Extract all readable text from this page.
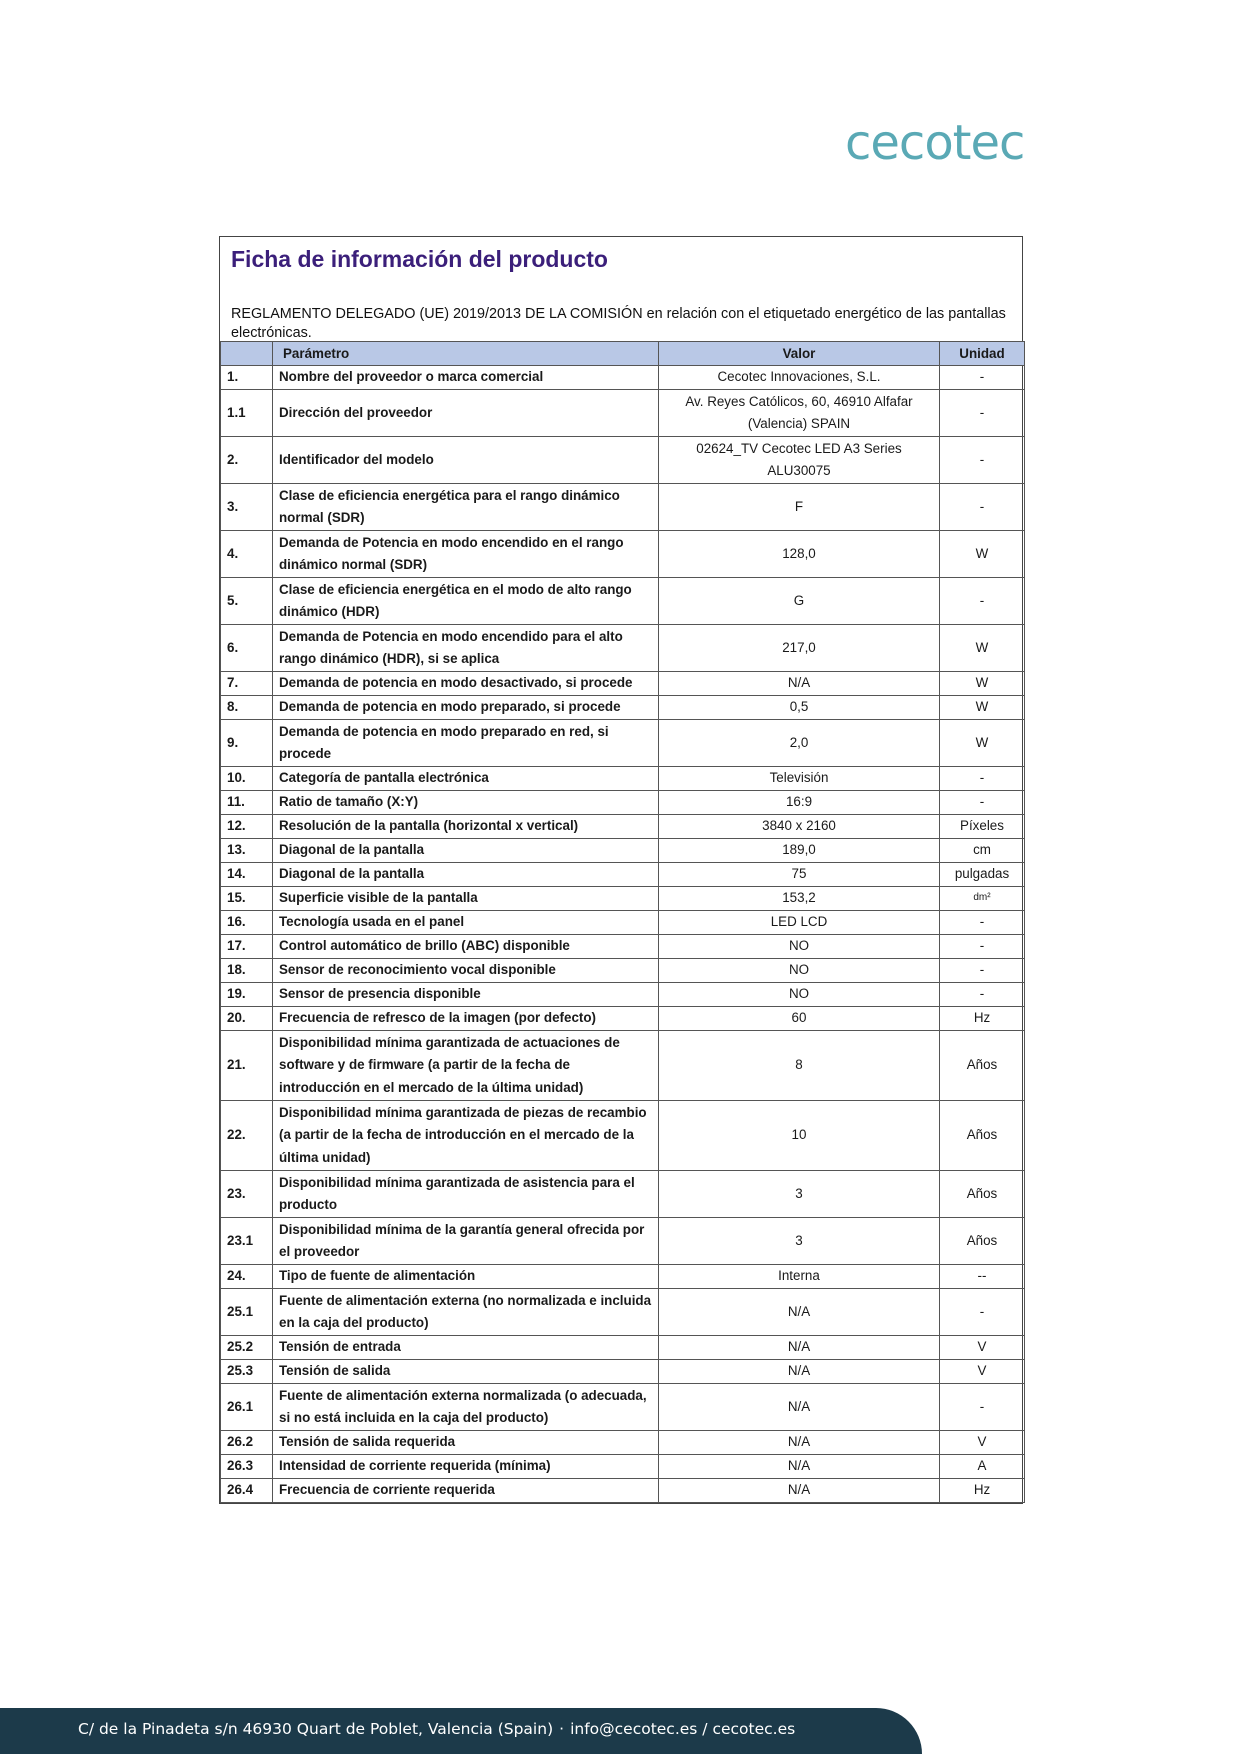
cecotec
Ficha de información del producto
REGLAMENTO DELEGADO (UE) 2019/2013 DE LA COMISIÓN en relación con el etiquetado energético de las pantallas electrónicas.
	Parámetro	Valor	Unidad
1.	Nombre del proveedor o marca comercial	Cecotec Innovaciones, S.L.	-
1.1	Dirección del proveedor	Av. Reyes Católicos, 60, 46910 Alfafar (Valencia) SPAIN	-
2.	Identificador del modelo	02624_TV Cecotec LED A3 Series ALU30075	-
3.	Clase de eficiencia energética para el rango dinámico normal (SDR)	F	-
4.	Demanda de Potencia en modo encendido en el rango dinámico normal (SDR)	128,0	W
5.	Clase de eficiencia energética en el modo de alto rango dinámico (HDR)	G	-
6.	Demanda de Potencia en modo encendido para el alto rango dinámico (HDR), si se aplica	217,0	W
7.	Demanda de potencia en modo desactivado, si procede	N/A	W
8.	Demanda de potencia en modo preparado, si procede	0,5	W
9.	Demanda de potencia en modo preparado en red, si procede	2,0	W
10.	Categoría de pantalla electrónica	Televisión	-
11.	Ratio de tamaño (X:Y)	16:9	-
12.	Resolución de la pantalla (horizontal x vertical)	3840 x 2160	Píxeles
13.	Diagonal de la pantalla	189,0	cm
14.	Diagonal de la pantalla	75	pulgadas
15.	Superficie visible de la pantalla	153,2	dm²
16.	Tecnología usada en el panel	LED LCD	-
17.	Control automático de brillo (ABC) disponible	NO	-
18.	Sensor de reconocimiento vocal disponible	NO	-
19.	Sensor de presencia disponible	NO	-
20.	Frecuencia de refresco de la imagen (por defecto)	60	Hz
21.	Disponibilidad mínima garantizada de actuaciones de software y de firmware (a partir de la fecha de introducción en el mercado de la última unidad)	8	Años
22.	Disponibilidad mínima garantizada de piezas de recambio (a partir de la fecha de introducción en el mercado de la última unidad)	10	Años
23.	Disponibilidad mínima garantizada de asistencia para el producto	3	Años
23.1	Disponibilidad mínima de la garantía general ofrecida por el proveedor	3	Años
24.	Tipo de fuente de alimentación	Interna	--
25.1	Fuente de alimentación externa (no normalizada e incluida en la caja del producto)	N/A	-
25.2	Tensión de entrada	N/A	V
25.3	Tensión de salida	N/A	V
26.1	Fuente de alimentación externa normalizada (o adecuada, si no está incluida en la caja del producto)	N/A	-
26.2	Tensión de salida requerida	N/A	V
26.3	Intensidad de corriente requerida (mínima)	N/A	A
26.4	Frecuencia de corriente requerida	N/A	Hz
C/ de la Pinadeta s/n 46930 Quart de Poblet, Valencia (Spain) · info@cecotec.es / cecotec.es
